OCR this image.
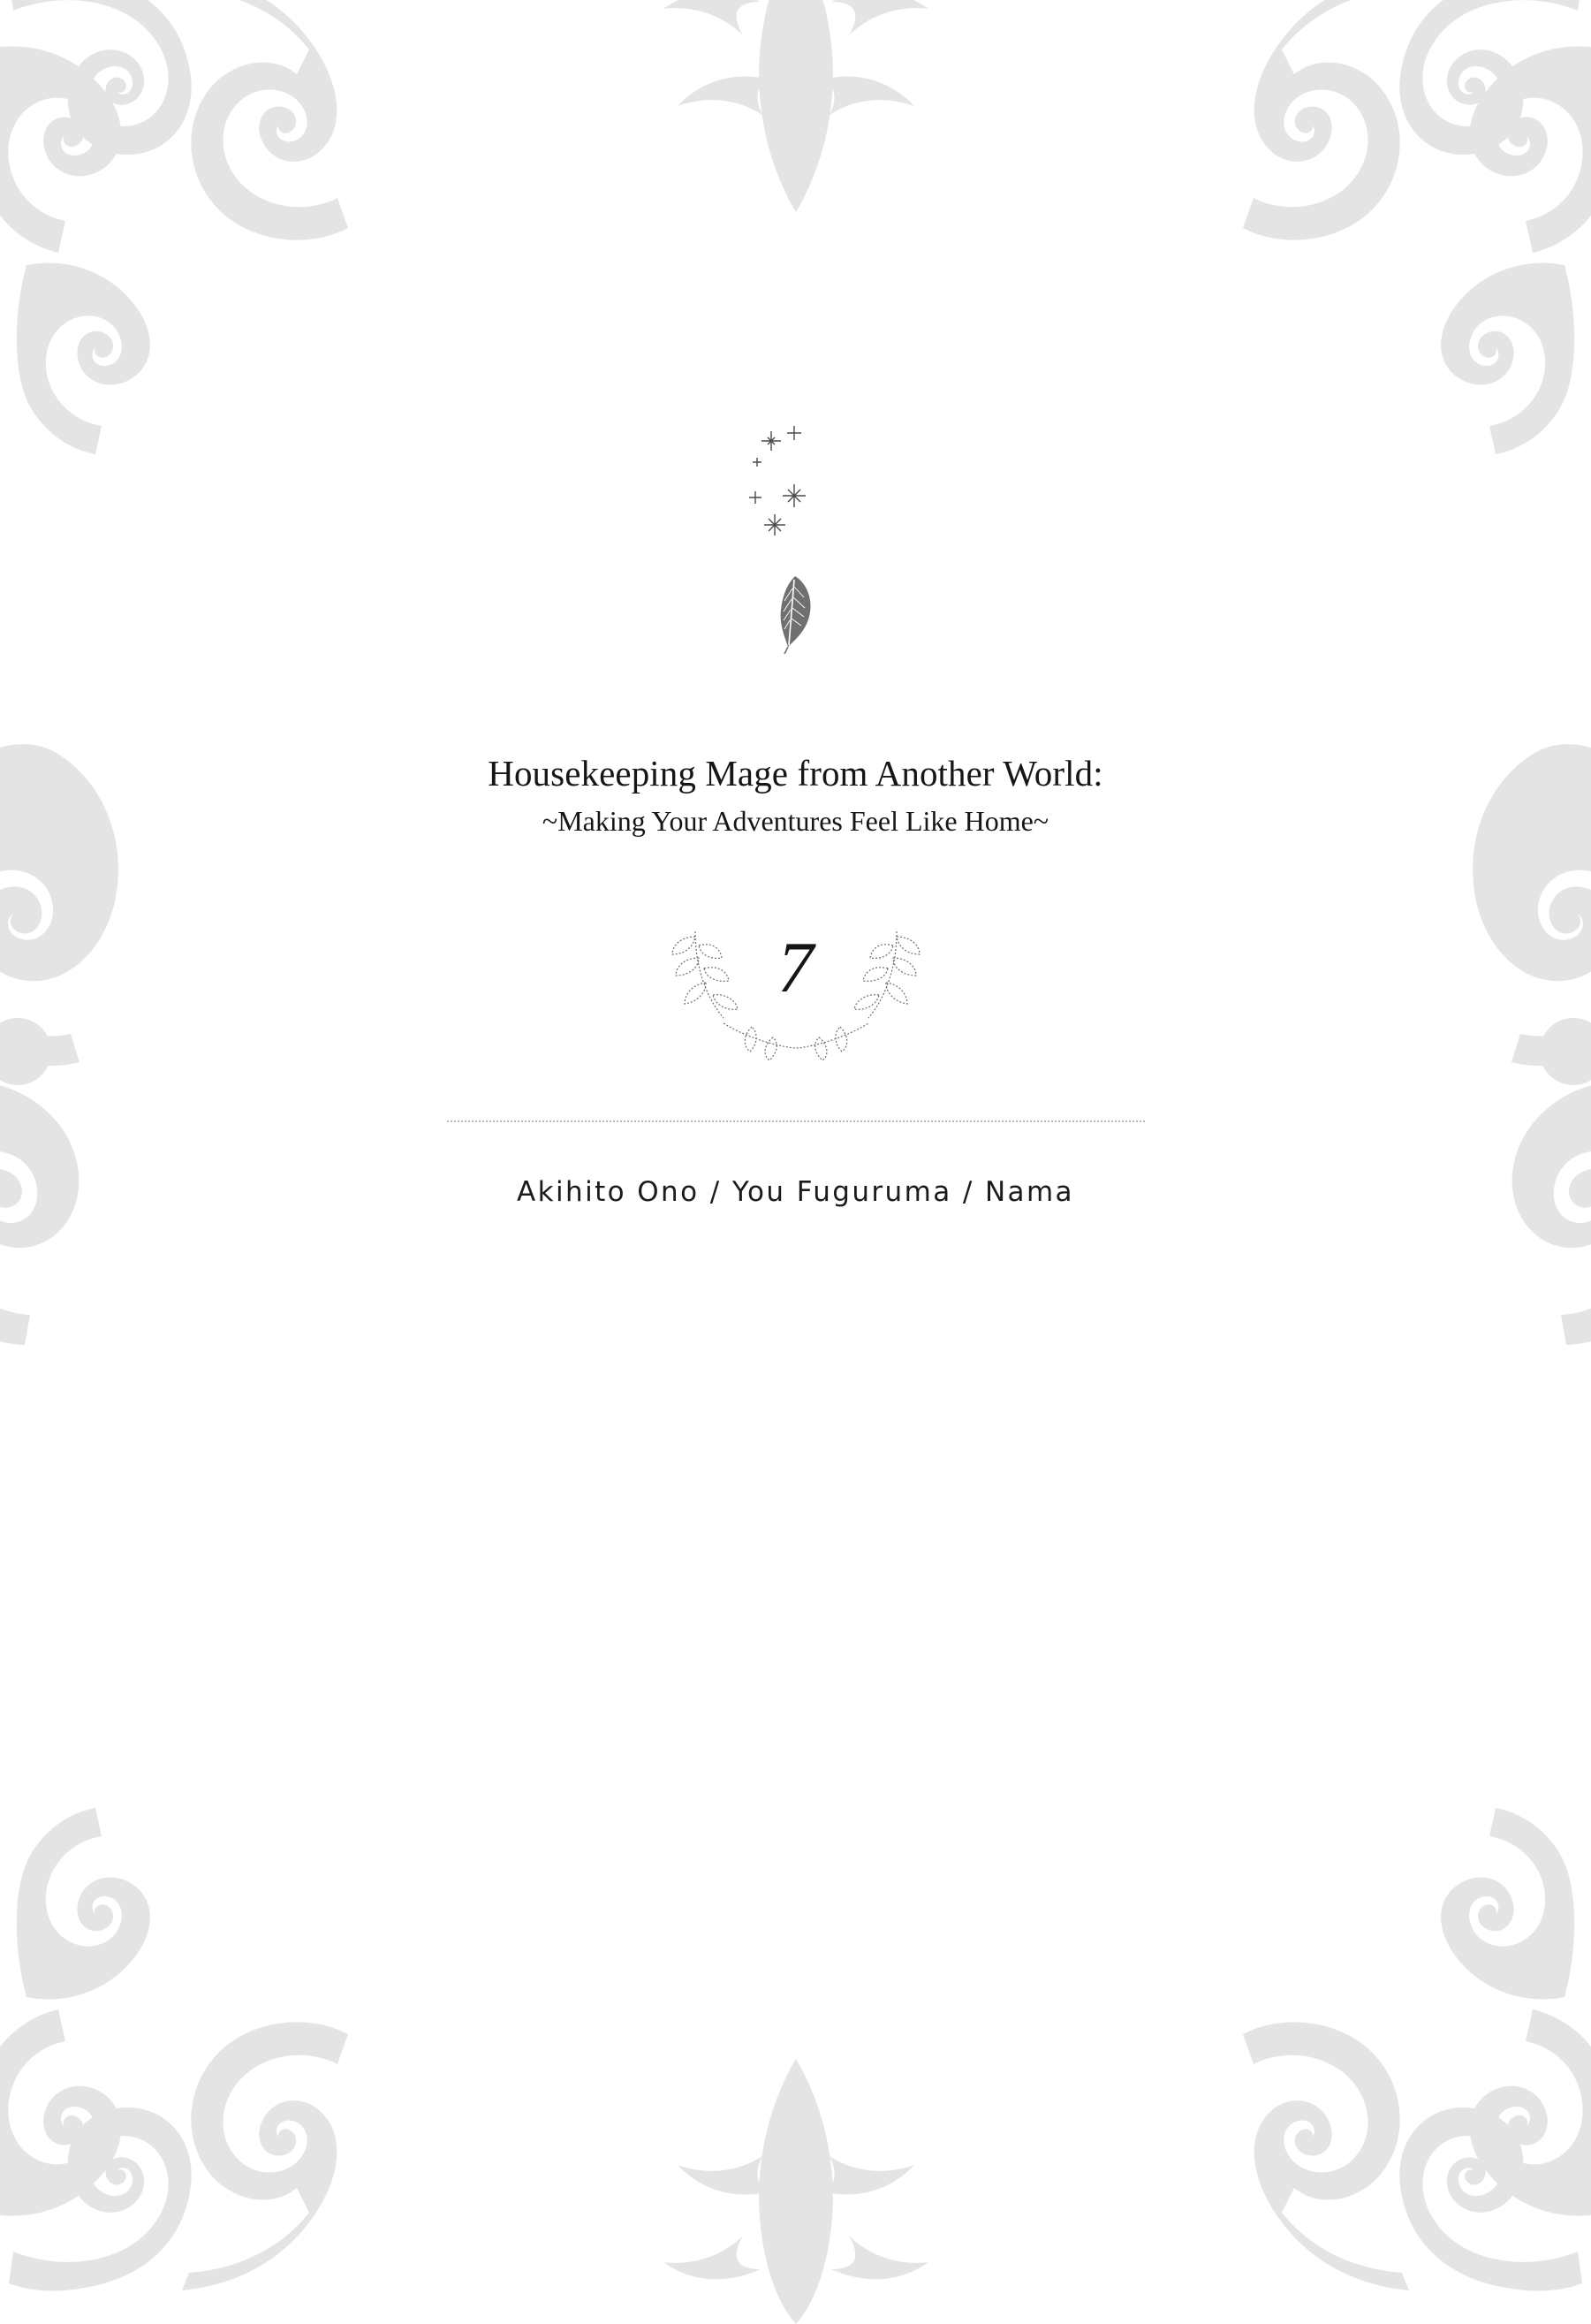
Housekeeping Mage from Another World:
~Making Your Adventures Feel Like Home~
7
Akihito Ono / You Fuguruma / Nama
